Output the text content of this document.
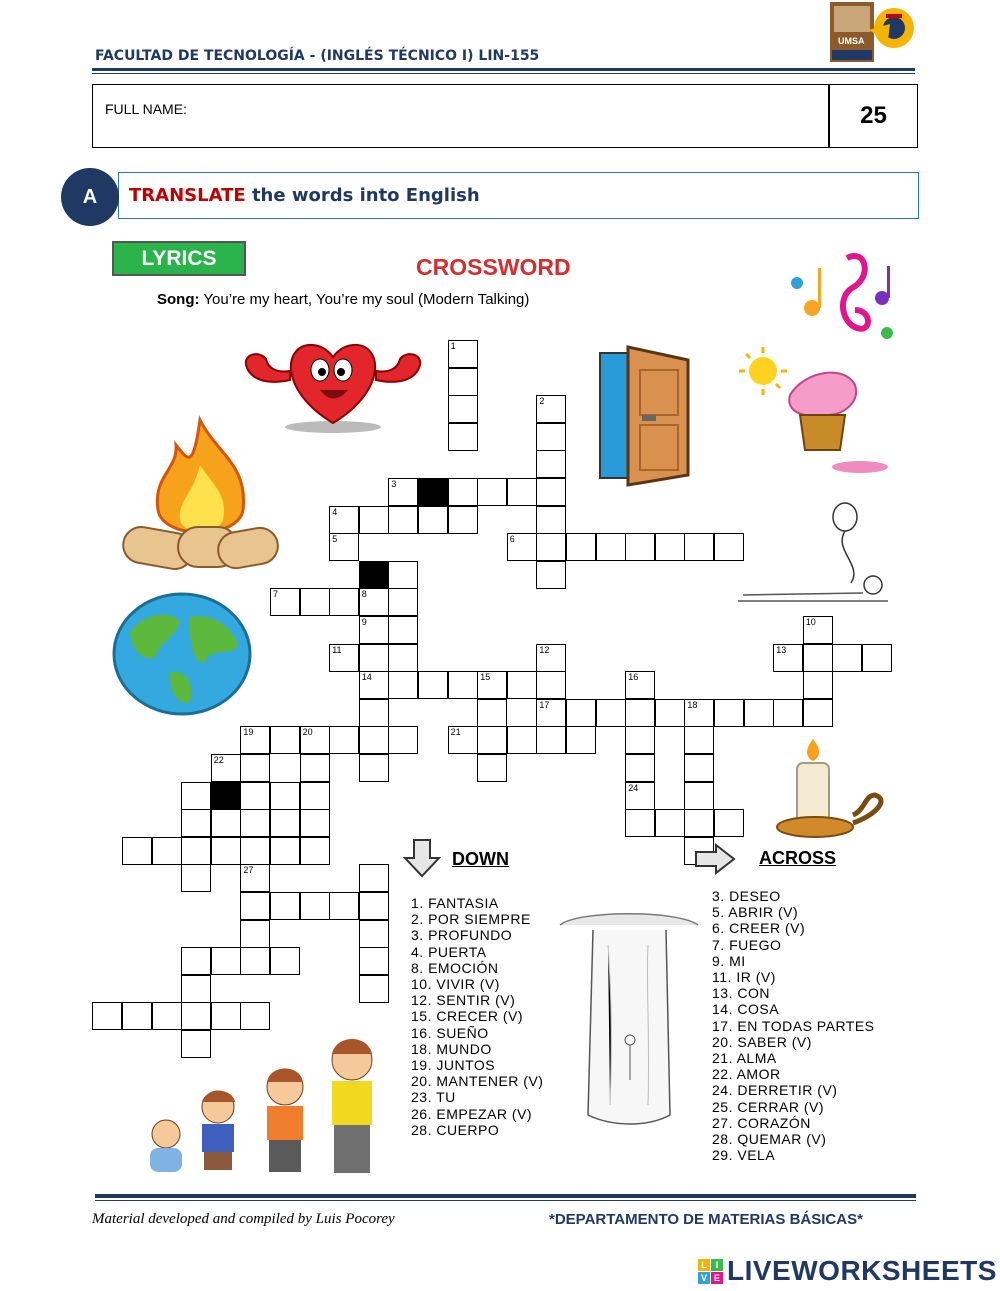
FACULTAD DE TECNOLOGÍA - (INGLÉS TÉCNICO I) LIN-155
UMSA
FULL NAME:	25
TRANSLATE the words into English
A
LYRICS	CROSSWORD
Song: You’re my heart, You’re my soul (Modern Talking)
1
2
3
4
5	6
7	8
9	10
11	12	13
14	15	16
17	18
19	20	21
22
23	24
27
DOWN	ACROSS
1. FANTASIA
2. POR SIEMPRE
3. PROFUNDO
4. PUERTA
8. EMOCIÓN
10. VIVIR (V)
12. SENTIR (V)
15. CRECER (V)
16. SUEÑO
18. MUNDO
19. JUNTOS
20. MANTENER (V)
23. TU
26. EMPEZAR (V)
28. CUERPO
3. DESEO
5. ABRIR (V)
6. CREER (V)
7. FUEGO
9. MI
11. IR (V)
13. CON
14. COSA
17. EN TODAS PARTES
20. SABER (V)
21. ALMA
22. AMOR
24. DERRETIR (V)
25. CERRAR (V)
27. CORAZÓN
28. QUEMAR (V)
29. VELA
Material developed and compiled by Luis Pocorey	*DEPARTAMENTO DE MATERIAS BÁSICAS*
L I
V E LIVEWORKSHEETS
